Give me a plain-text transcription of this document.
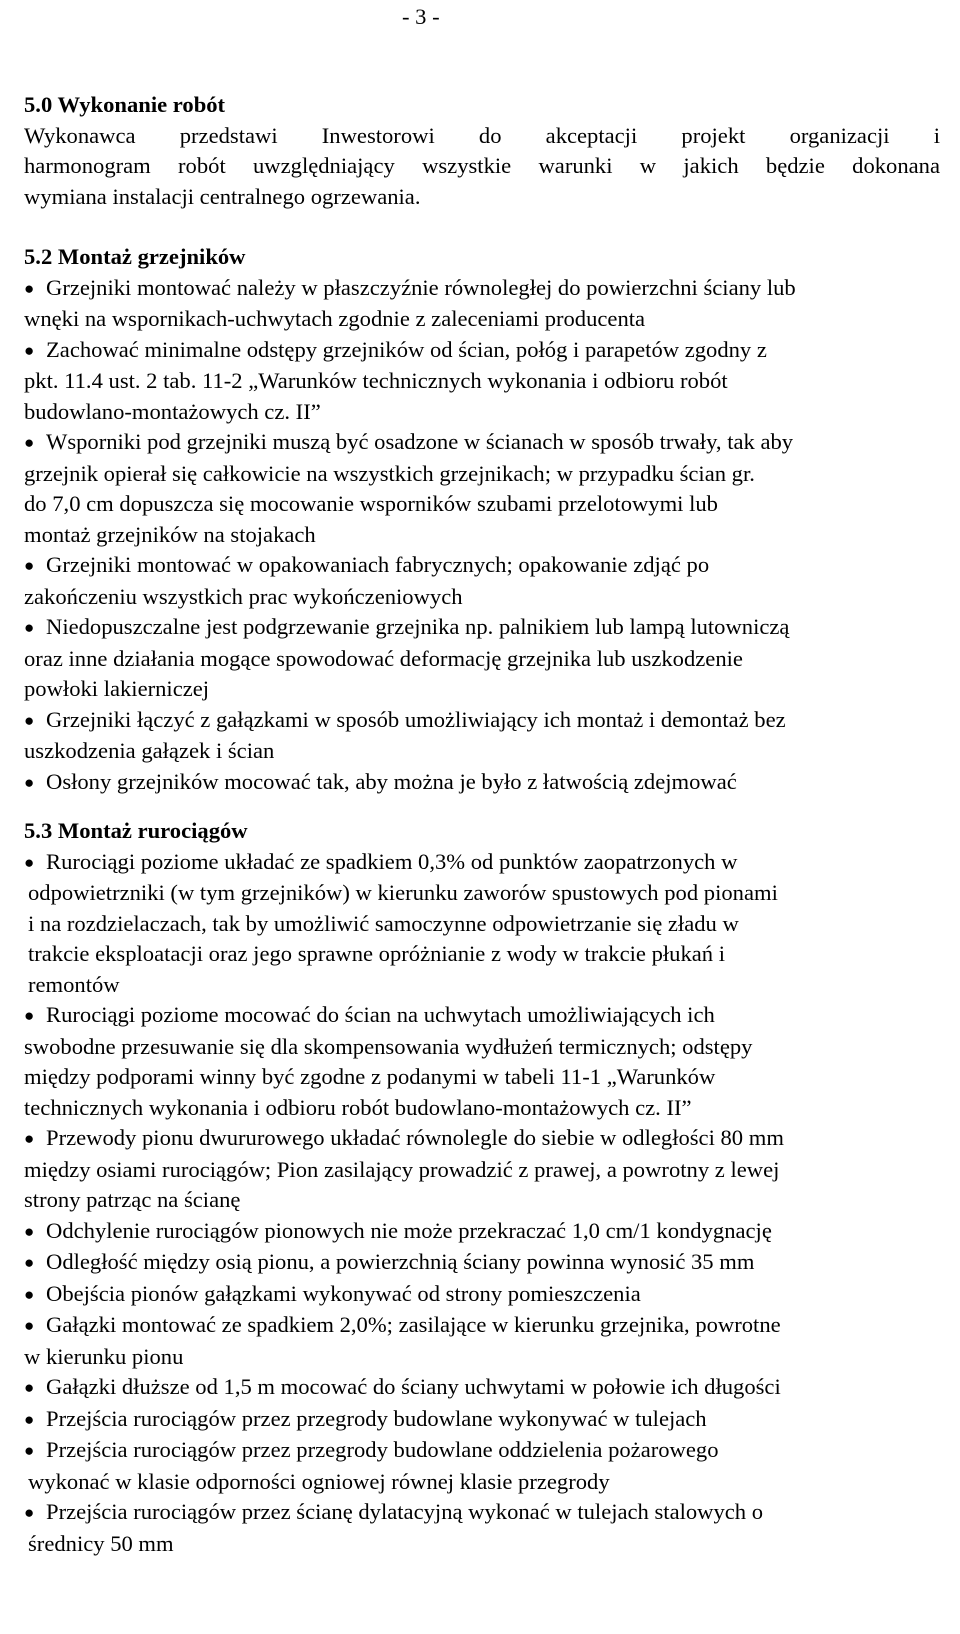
- 3 -
5.0 Wykonanie robót
Wykonawca przedstawi Inwestorowi do akceptacji projekt organizacji i
harmonogram robót uwzględniający wszystkie warunki w jakich będzie dokonana
wymiana instalacji centralnego ogrzewania.
5.2 Montaż grzejników
● Grzejniki montować należy w płaszczyźnie równoległej do powierzchni ściany lub
wnęki na wspornikach-uchwytach zgodnie z zaleceniami producenta
● Zachować minimalne odstępy grzejników od ścian, połóg i parapetów zgodny z
pkt. 11.4 ust. 2 tab. 11-2 „Warunków technicznych wykonania i odbioru robót
budowlano-montażowych cz. II”
● Wsporniki pod grzejniki muszą być osadzone w ścianach w sposób trwały, tak aby
grzejnik opierał się całkowicie na wszystkich grzejnikach; w przypadku ścian gr.
do 7,0 cm dopuszcza się mocowanie wsporników szubami przelotowymi lub
montaż grzejników na stojakach
● Grzejniki montować w opakowaniach fabrycznych; opakowanie zdjąć po
zakończeniu wszystkich prac wykończeniowych
● Niedopuszczalne jest podgrzewanie grzejnika np. palnikiem lub lampą lutowniczą
oraz inne działania mogące spowodować deformację grzejnika lub uszkodzenie
powłoki lakierniczej
● Grzejniki łączyć z gałązkami w sposób umożliwiający ich montaż i demontaż bez
uszkodzenia gałązek i ścian
● Osłony grzejników mocować tak, aby można je było z łatwością zdejmować
5.3 Montaż rurociągów
● Rurociągi poziome układać ze spadkiem 0,3% od punktów zaopatrzonych w
odpowietrzniki (w tym grzejników) w kierunku zaworów spustowych pod pionami
i na rozdzielaczach, tak by umożliwić samoczynne odpowietrzanie się zładu w
trakcie eksploatacji oraz jego sprawne opróżnianie z wody w trakcie płukań i
remontów
● Rurociągi poziome mocować do ścian na uchwytach umożliwiających ich
swobodne przesuwanie się dla skompensowania wydłużeń termicznych; odstępy
między podporami winny być zgodne z podanymi w tabeli 11-1 „Warunków
technicznych wykonania i odbioru robót budowlano-montażowych cz. II”
● Przewody pionu dwururowego układać równolegle do siebie w odległości 80 mm
między osiami rurociągów; Pion zasilający prowadzić z prawej, a powrotny z lewej
strony patrząc na ścianę
● Odchylenie rurociągów pionowych nie może przekraczać 1,0 cm/1 kondygnację
● Odległość między osią pionu, a powierzchnią ściany powinna wynosić 35 mm
● Obejścia pionów gałązkami wykonywać od strony pomieszczenia
● Gałązki montować ze spadkiem 2,0%; zasilające w kierunku grzejnika, powrotne
w kierunku pionu
● Gałązki dłuższe od 1,5 m mocować do ściany uchwytami w połowie ich długości
● Przejścia rurociągów przez przegrody budowlane wykonywać w tulejach
● Przejścia rurociągów przez przegrody budowlane oddzielenia pożarowego
wykonać w klasie odporności ogniowej równej klasie przegrody
● Przejścia rurociągów przez ścianę dylatacyjną wykonać w tulejach stalowych o
średnicy 50 mm
